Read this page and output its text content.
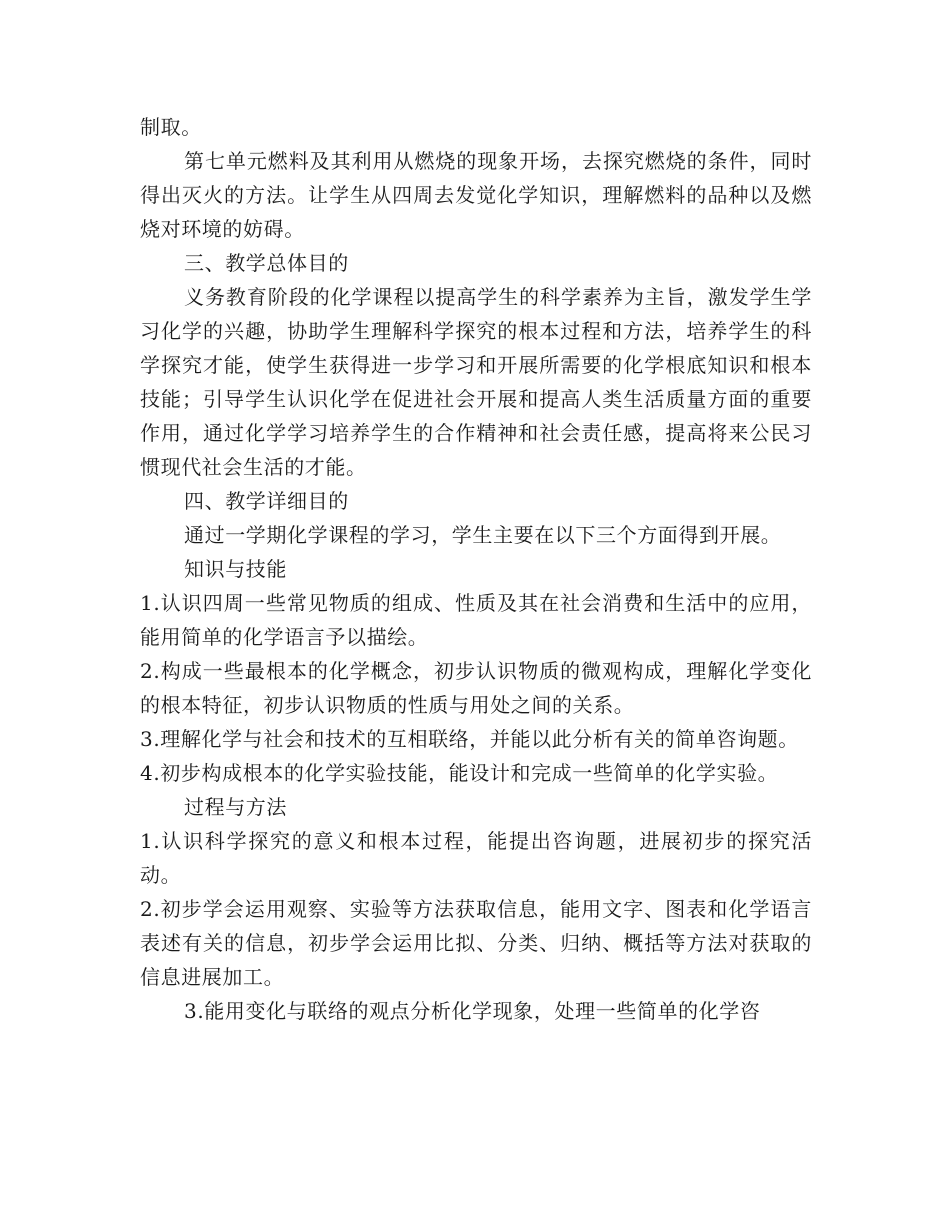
制取。

第七单元燃料及其利用从燃烧的现象开场，去探究燃烧的条件，同时得出灭火的方法。让学生从四周去发觉化学知识，理解燃料的品种以及燃烧对环境的妨碍。

三、教学总体目的

义务教育阶段的化学课程以提高学生的科学素养为主旨，激发学生学习化学的兴趣，协助学生理解科学探究的根本过程和方法，培养学生的科学探究才能，使学生获得进一步学习和开展所需要的化学根底知识和根本技能；引导学生认识化学在促进社会开展和提高人类生活质量方面的重要作用，通过化学学习培养学生的合作精神和社会责任感，提高将来公民习惯现代社会生活的才能。

四、教学详细目的

通过一学期化学课程的学习，学生主要在以下三个方面得到开展。

知识与技能

1.认识四周一些常见物质的组成、性质及其在社会消费和生活中的应用，能用简单的化学语言予以描绘。

2.构成一些最根本的化学概念，初步认识物质的微观构成，理解化学变化的根本特征，初步认识物质的性质与用处之间的关系。

3.理解化学与社会和技术的互相联络，并能以此分析有关的简单咨询题。

4.初步构成根本的化学实验技能，能设计和完成一些简单的化学实验。

过程与方法

1.认识科学探究的意义和根本过程，能提出咨询题，进展初步的探究活动。

2.初步学会运用观察、实验等方法获取信息，能用文字、图表和化学语言表述有关的信息，初步学会运用比拟、分类、归纳、概括等方法对获取的信息进展加工。

3.能用变化与联络的观点分析化学现象，处理一些简单的化学咨
